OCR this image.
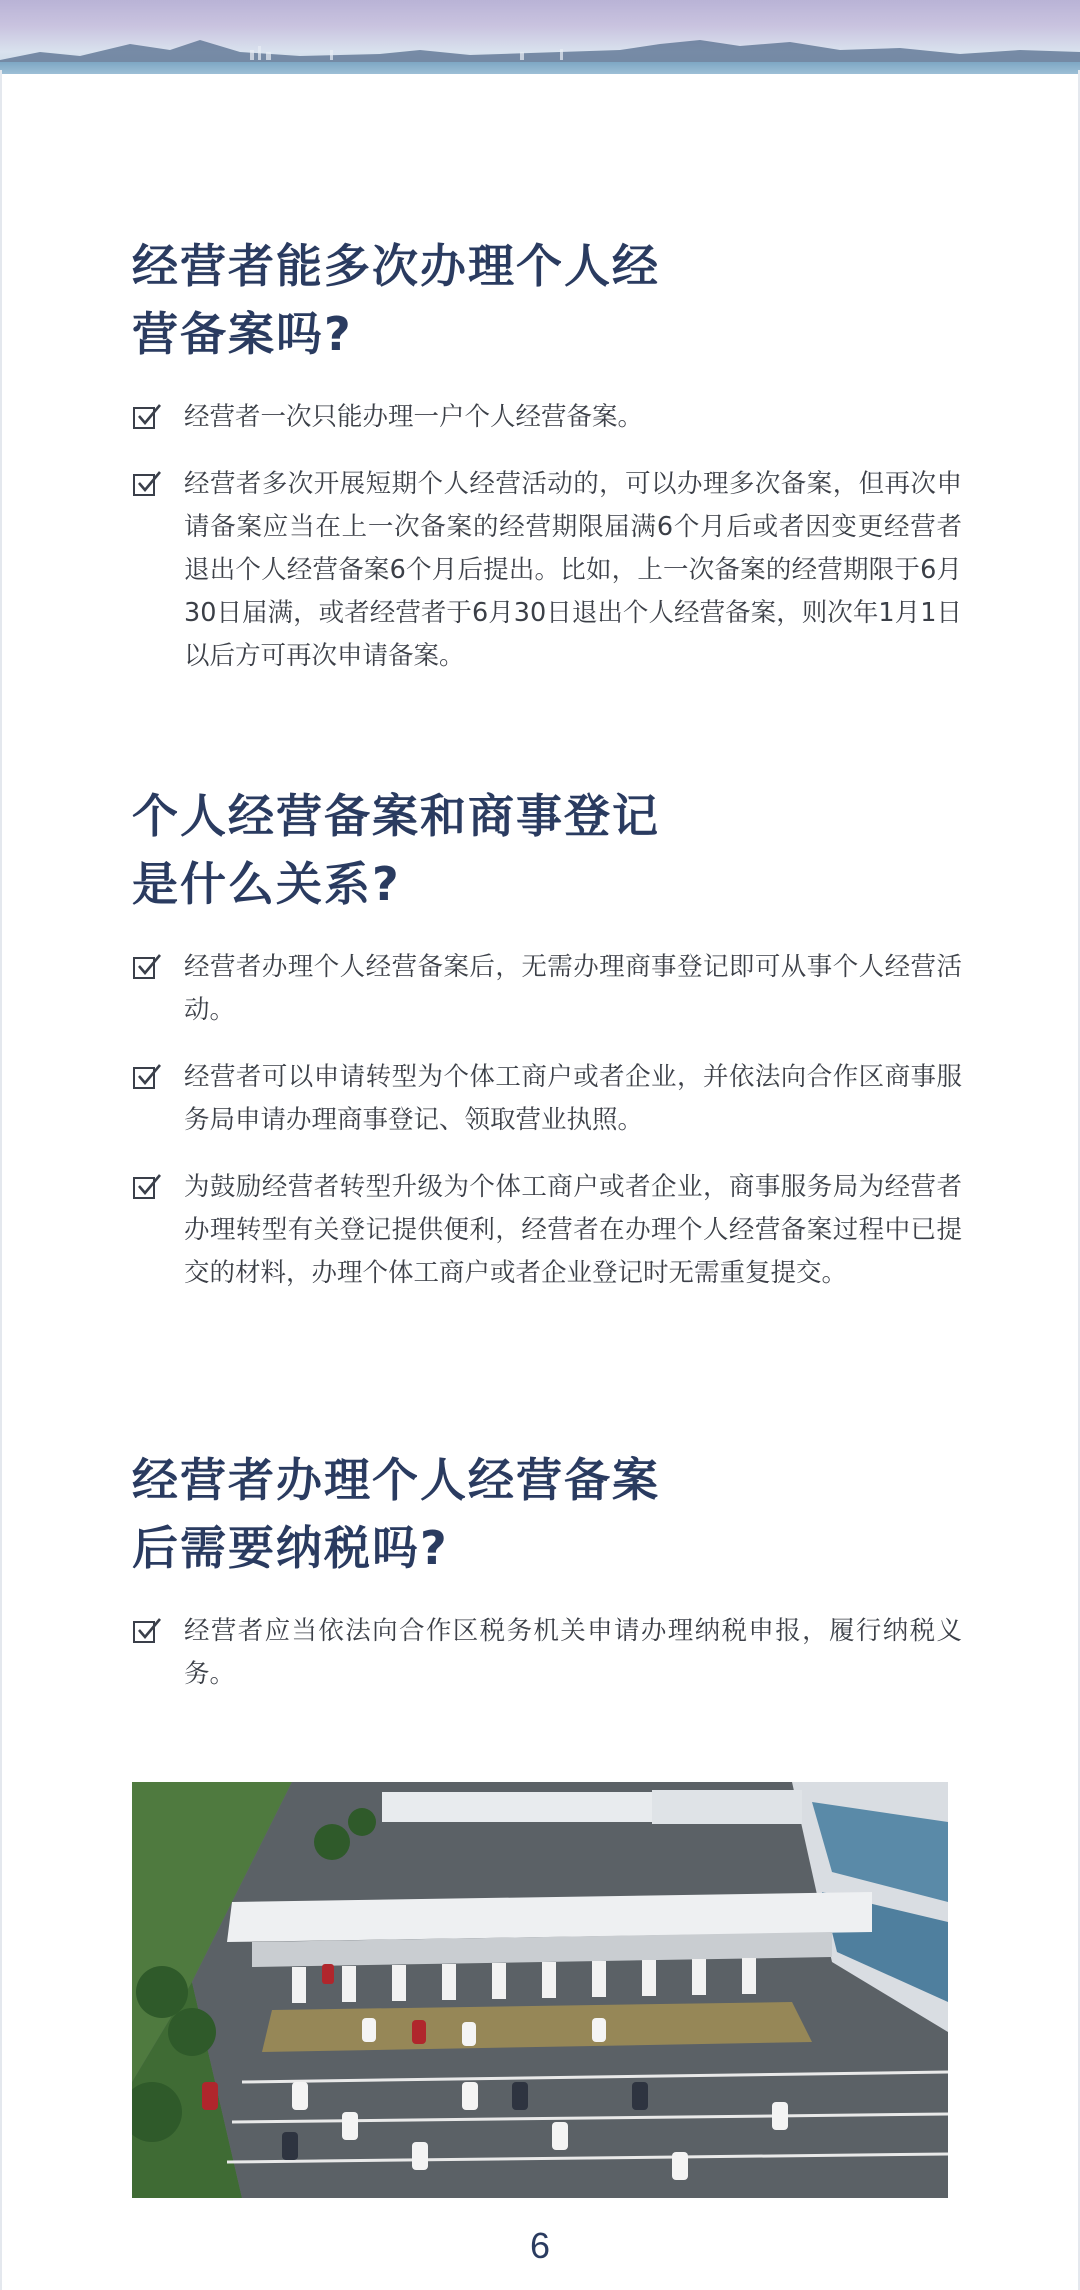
经营者能多次办理个人经
营备案吗?
经营者一次只能办理一户个人经营备案。
经营者多次开展短期个人经营活动的，可以办理多次备案，但再次申请备案应当在上一次备案的经营期限届满6个月后或者因变更经营者退出个人经营备案6个月后提出。比如，上一次备案的经营期限于6月30日届满，或者经营者于6月30日退出个人经营备案，则次年1月1日以后方可再次申请备案。
个人经营备案和商事登记
是什么关系?
经营者办理个人经营备案后，无需办理商事登记即可从事个人经营活动。
经营者可以申请转型为个体工商户或者企业，并依法向合作区商事服务局申请办理商事登记、领取营业执照。
为鼓励经营者转型升级为个体工商户或者企业，商事服务局为经营者办理转型有关登记提供便利，经营者在办理个人经营备案过程中已提交的材料，办理个体工商户或者企业登记时无需重复提交。
经营者办理个人经营备案
后需要纳税吗?
经营者应当依法向合作区税务机关申请办理纳税申报，履行纳税义务。
6
